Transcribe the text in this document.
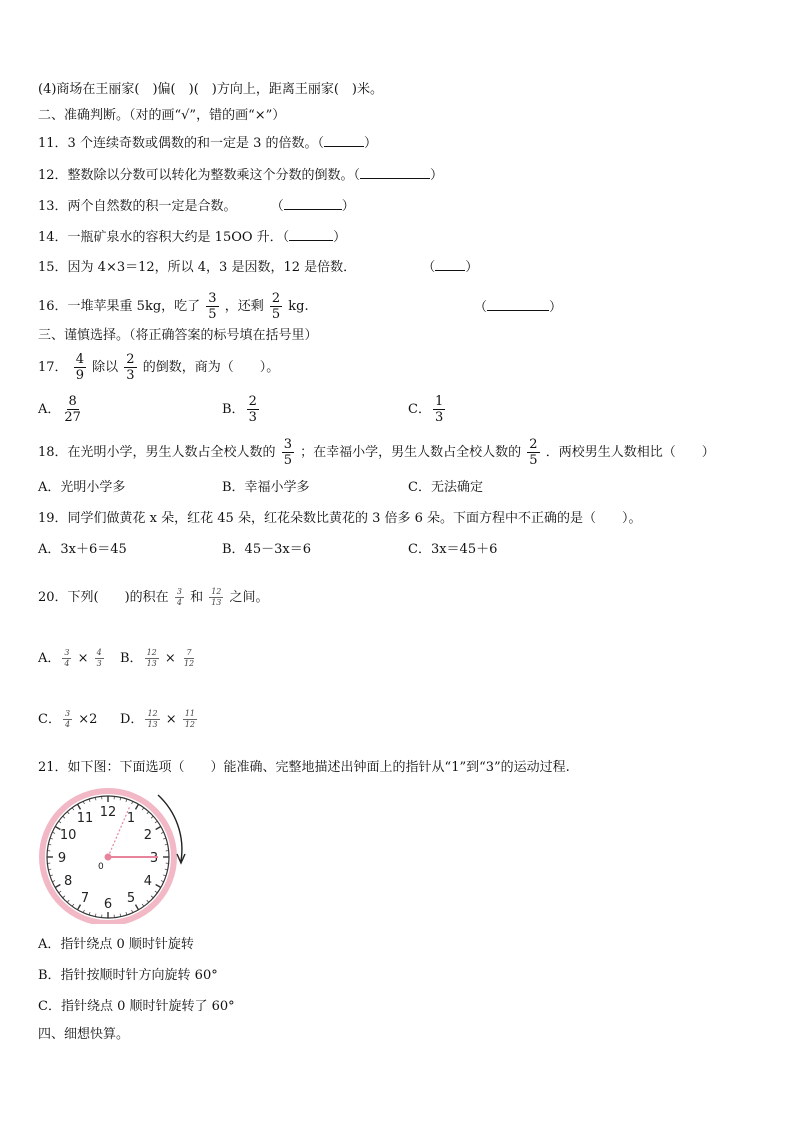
(4)商场在王丽家(　)偏(　)(　)方向上，距离王丽家(　)米。
二、准确判断。（对的画“√”，错的画“×”）
11．3 个连续奇数或偶数的和一定是 3 的倍数。（	）
12．整数除以分数可以转化为整数乘这个分数的倒数。（	）
13．两个自然数的积一定是合数。	（	）
14．一瓶矿泉水的容积大约是 15OO 升．（	）
15．因为 4×3＝12，所以 4，3 是因数，12 是倍数．	（ ）
16．一堆苹果重 5kg，吃了 $\frac{3}{5}$ ，还剩 $\frac{2}{5}$ kg.	（	）
三、谨慎选择。（将正确答案的标号填在括号里）
17． $\frac{4}{9}$ 除以 $\frac{2}{3}$ 的倒数，商为（　　）。
A． $\frac{8}{27}$	B． $\frac{2}{3}$	C． $\frac{1}{3}$
18．在光明小学，男生人数占全校人数的 $\frac{3}{5}$ ；在幸福小学，男生人数占全校人数的 $\frac{2}{5}$ ．两校男生人数相比（　　）
A．光明小学多	B．幸福小学多	C．无法确定
19．同学们做黄花 x 朵，红花 45 朵，红花朵数比黄花的 3 倍多 6 朵。下面方程中不正确的是（　　）。
A．3x＋6＝45	B．45－3x＝6	C．3x＝45＋6
20．下列(　　)的积在 $\frac{3}{4}$ 和 $\frac{12}{13}$ 之间。
A． $\frac{3}{4} \times \frac{4}{3}$ B． $\frac{12}{13} \times \frac{7}{12}$
C． $\frac{3}{4} \times 2$ D． $\frac{12}{13} \times \frac{11}{12}$
21．如下图：下面选项（　　）能准确、完整地描述出钟面上的指针从“1”到“3”的运动过程.
12 1
2
3
4
5
6
7
8
9
10
11
0
A．指针绕点 0 顺时针旋转
B．指针按顺时针方向旋转 60°
C．指针绕点 0 顺时针旋转了 60°
四、细想快算。
